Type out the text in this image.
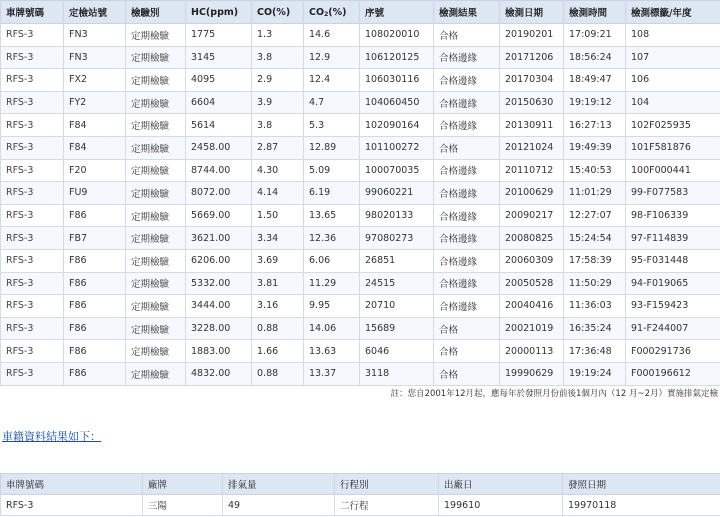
車牌號碼	定檢站號	檢驗別	HC(ppm)	CO(%)	CO2(%)	序號	檢測結果	檢測日期	檢測時間	檢測標籤/年度
RFS-3	FN3	定期檢驗	1775	1.3	14.6	108020010	合格	20190201	17:09:21	108
RFS-3	FN3	定期檢驗	3145	3.8	12.9	106120125	合格邊緣	20171206	18:56:24	107
RFS-3	FX2	定期檢驗	4095	2.9	12.4	106030116	合格邊緣	20170304	18:49:47	106
RFS-3	FY2	定期檢驗	6604	3.9	4.7	104060450	合格邊緣	20150630	19:19:12	104
RFS-3	F84	定期檢驗	5614	3.8	5.3	102090164	合格邊緣	20130911	16:27:13	102F025935
RFS-3	F84	定期檢驗	2458.00	2.87	12.89	101100272	合格	20121024	19:49:39	101F581876
RFS-3	F20	定期檢驗	8744.00	4.30	5.09	100070035	合格邊緣	20110712	15:40:53	100F000441
RFS-3	FU9	定期檢驗	8072.00	4.14	6.19	99060221	合格邊緣	20100629	11:01:29	99-F077583
RFS-3	F86	定期檢驗	5669.00	1.50	13.65	98020133	合格邊緣	20090217	12:27:07	98-F106339
RFS-3	FB7	定期檢驗	3621.00	3.34	12.36	97080273	合格邊緣	20080825	15:24:54	97-F114839
RFS-3	F86	定期檢驗	6206.00	3.69	6.06	26851	合格邊緣	20060309	17:58:39	95-F031448
RFS-3	F86	定期檢驗	5332.00	3.81	11.29	24515	合格邊緣	20050528	11:50:29	94-F019065
RFS-3	F86	定期檢驗	3444.00	3.16	9.95	20710	合格邊緣	20040416	11:36:03	93-F159423
RFS-3	F86	定期檢驗	3228.00	0.88	14.06	15689	合格	20021019	16:35:24	91-F244007
RFS-3	F86	定期檢驗	1883.00	1.66	13.63	6046	合格	20000113	17:36:48	F000291736
RFS-3	F86	定期檢驗	4832.00	0.88	13.37	3118	合格	19990629	19:19:24	F000196612
註：您自2001年12月起，應每年於發照月份前後1個月內（12 月~2月）實施排氣定檢
車籍資料結果如下：
車牌號碼	廠牌	排氣量	行程別	出廠日	發照日期
RFS-3	三陽	49	二行程	199610	19970118
